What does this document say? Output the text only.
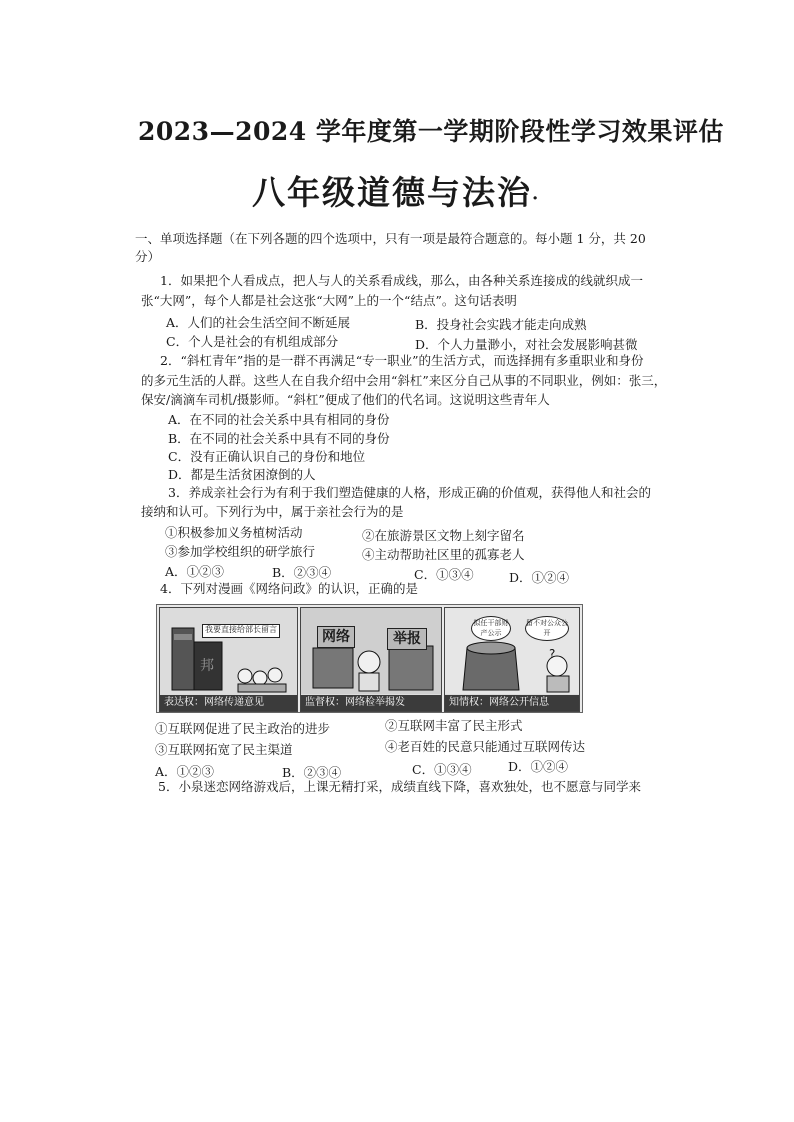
2023—2024 学年度第一学期阶段性学习效果评估
八年级道德与法治·
一、单项选择题（在下列各题的四个选项中，只有一项是最符合题意的。每小题 1 分，共 20
分）
1．如果把个人看成点，把人与人的关系看成线，那么，由各种关系连接成的线就织成一
张“大网”，每个人都是社会这张“大网”上的一个“结点”。这句话表明
A．人们的社会生活空间不断延展	B．投身社会实践才能走向成熟
C．个人是社会的有机组成部分	D．个人力量渺小，对社会发展影响甚微
2．“斜杠青年”指的是一群不再满足“专一职业”的生活方式，而选择拥有多重职业和身份
的多元生活的人群。这些人在自我介绍中会用“斜杠”来区分自己从事的不同职业，例如：张三，
保安/滴滴车司机/摄影师。“斜杠”便成了他们的代名词。这说明这些青年人
A．在不同的社会关系中具有相同的身份
B．在不同的社会关系中具有不同的身份
C．没有正确认识自己的身份和地位
D．都是生活贫困潦倒的人
3．养成亲社会行为有利于我们塑造健康的人格，形成正确的价值观，获得他人和社会的
接纳和认可。下列行为中，属于亲社会行为的是
①积极参加义务植树活动	②在旅游景区文物上刻字留名
③参加学校组织的研学旅行	④主动帮助社区里的孤寡老人
A．①②③	B．②③④	C．①③④	D．①②④
4．下列对漫画《网络问政》的认识，正确的是
邦
我要直接给部长留言
表达权：网络传递意见
网络	举报
监督权：网络检举揭发
?
拟任干部财产公示
留不对公众公开
知情权：网络公开信息
①互联网促进了民主政治的进步	②互联网丰富了民主形式
③互联网拓宽了民主渠道	④老百姓的民意只能通过互联网传达
A．①②③	B．②③④	C．①③④	D．①②④
5．小泉迷恋网络游戏后，上课无精打采，成绩直线下降，喜欢独处，也不愿意与同学来
